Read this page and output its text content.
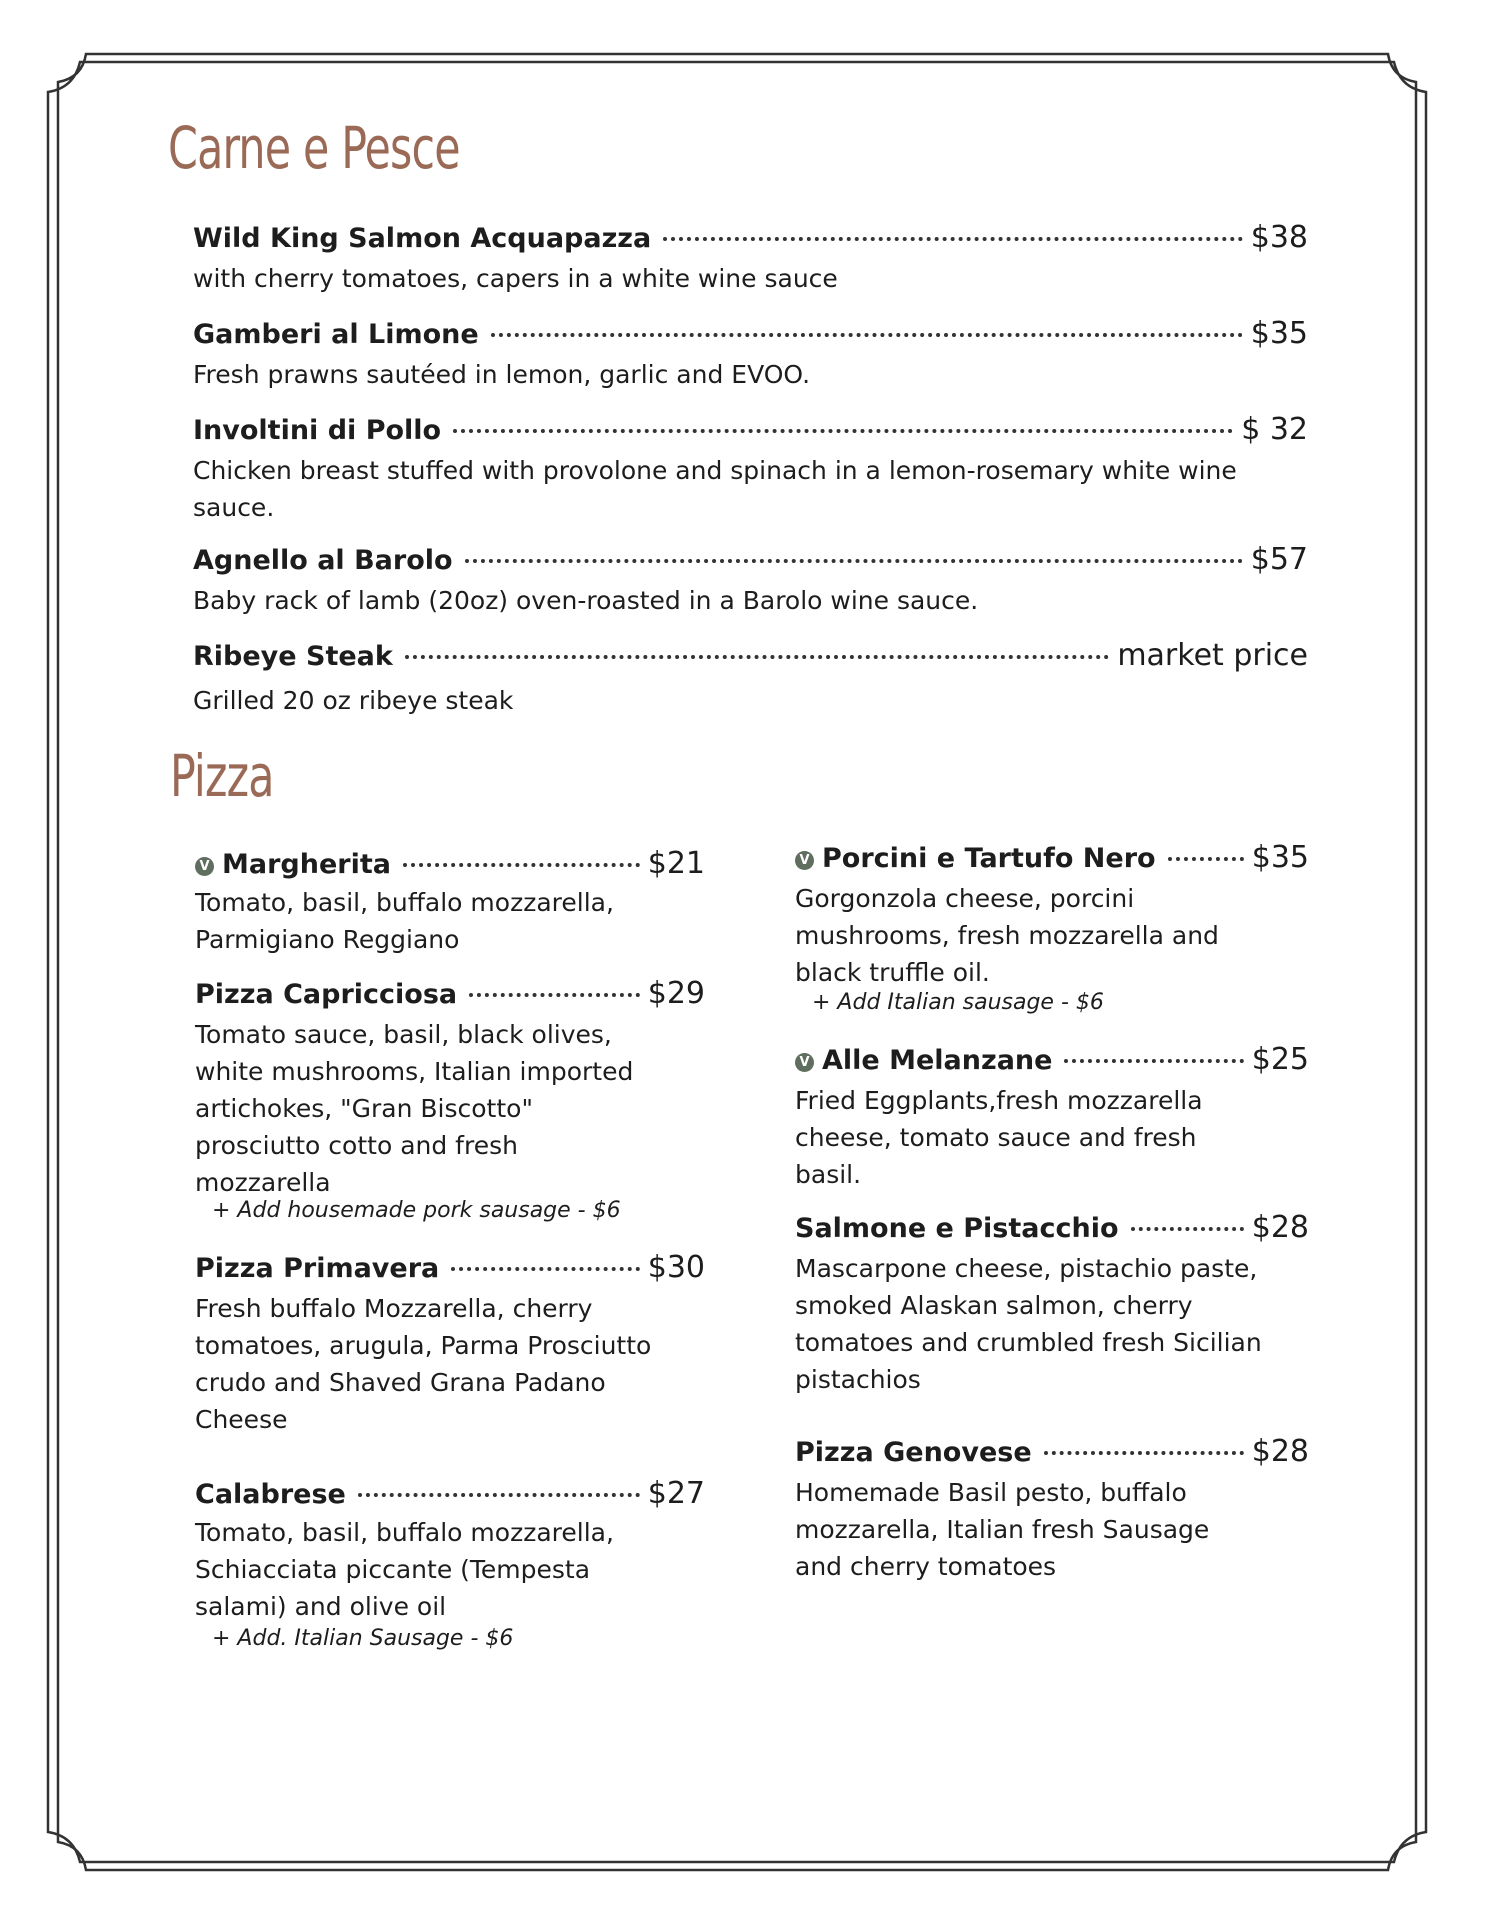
Carne e Pesce
Wild King Salmon Acquapazza	$38
with cherry tomatoes, capers in a white wine sauce
Gamberi al Limone	$35
Fresh prawns sautéed in lemon, garlic and EVOO.
Involtini di Pollo	$ 32
Chicken breast stuffed with provolone and spinach in a lemon-rosemary white wine sauce.
Agnello al Barolo	$57
Baby rack of lamb (20oz) oven-roasted in a Barolo wine sauce.
Ribeye Steak	market price
Grilled 20 oz ribeye steak
Pizza
V Margherita	$21
Tomato, basil, buffalo mozzarella, Parmigiano Reggiano
Pizza Capricciosa	$29
Tomato sauce, basil, black olives, white mushrooms, Italian imported artichokes, "Gran Biscotto" prosciutto cotto and fresh mozzarella
+ Add housemade pork sausage - $6
Pizza Primavera	$30
Fresh buffalo Mozzarella, cherry tomatoes, arugula, Parma Prosciutto crudo and Shaved Grana Padano Cheese
Calabrese	$27
Tomato, basil, buffalo mozzarella, Schiacciata piccante (Tempesta salami) and olive oil
+ Add. Italian Sausage - $6
V Porcini e Tartufo Nero	$35
Gorgonzola cheese, porcini mushrooms, fresh mozzarella and black truffle oil.
+ Add Italian sausage - $6
V Alle Melanzane	$25
Fried Eggplants,fresh mozzarella cheese, tomato sauce and fresh basil.
Salmone e Pistacchio	$28
Mascarpone cheese, pistachio paste, smoked Alaskan salmon, cherry tomatoes and crumbled fresh Sicilian pistachios
Pizza Genovese	$28
Homemade Basil pesto, buffalo mozzarella, Italian fresh Sausage and cherry tomatoes
